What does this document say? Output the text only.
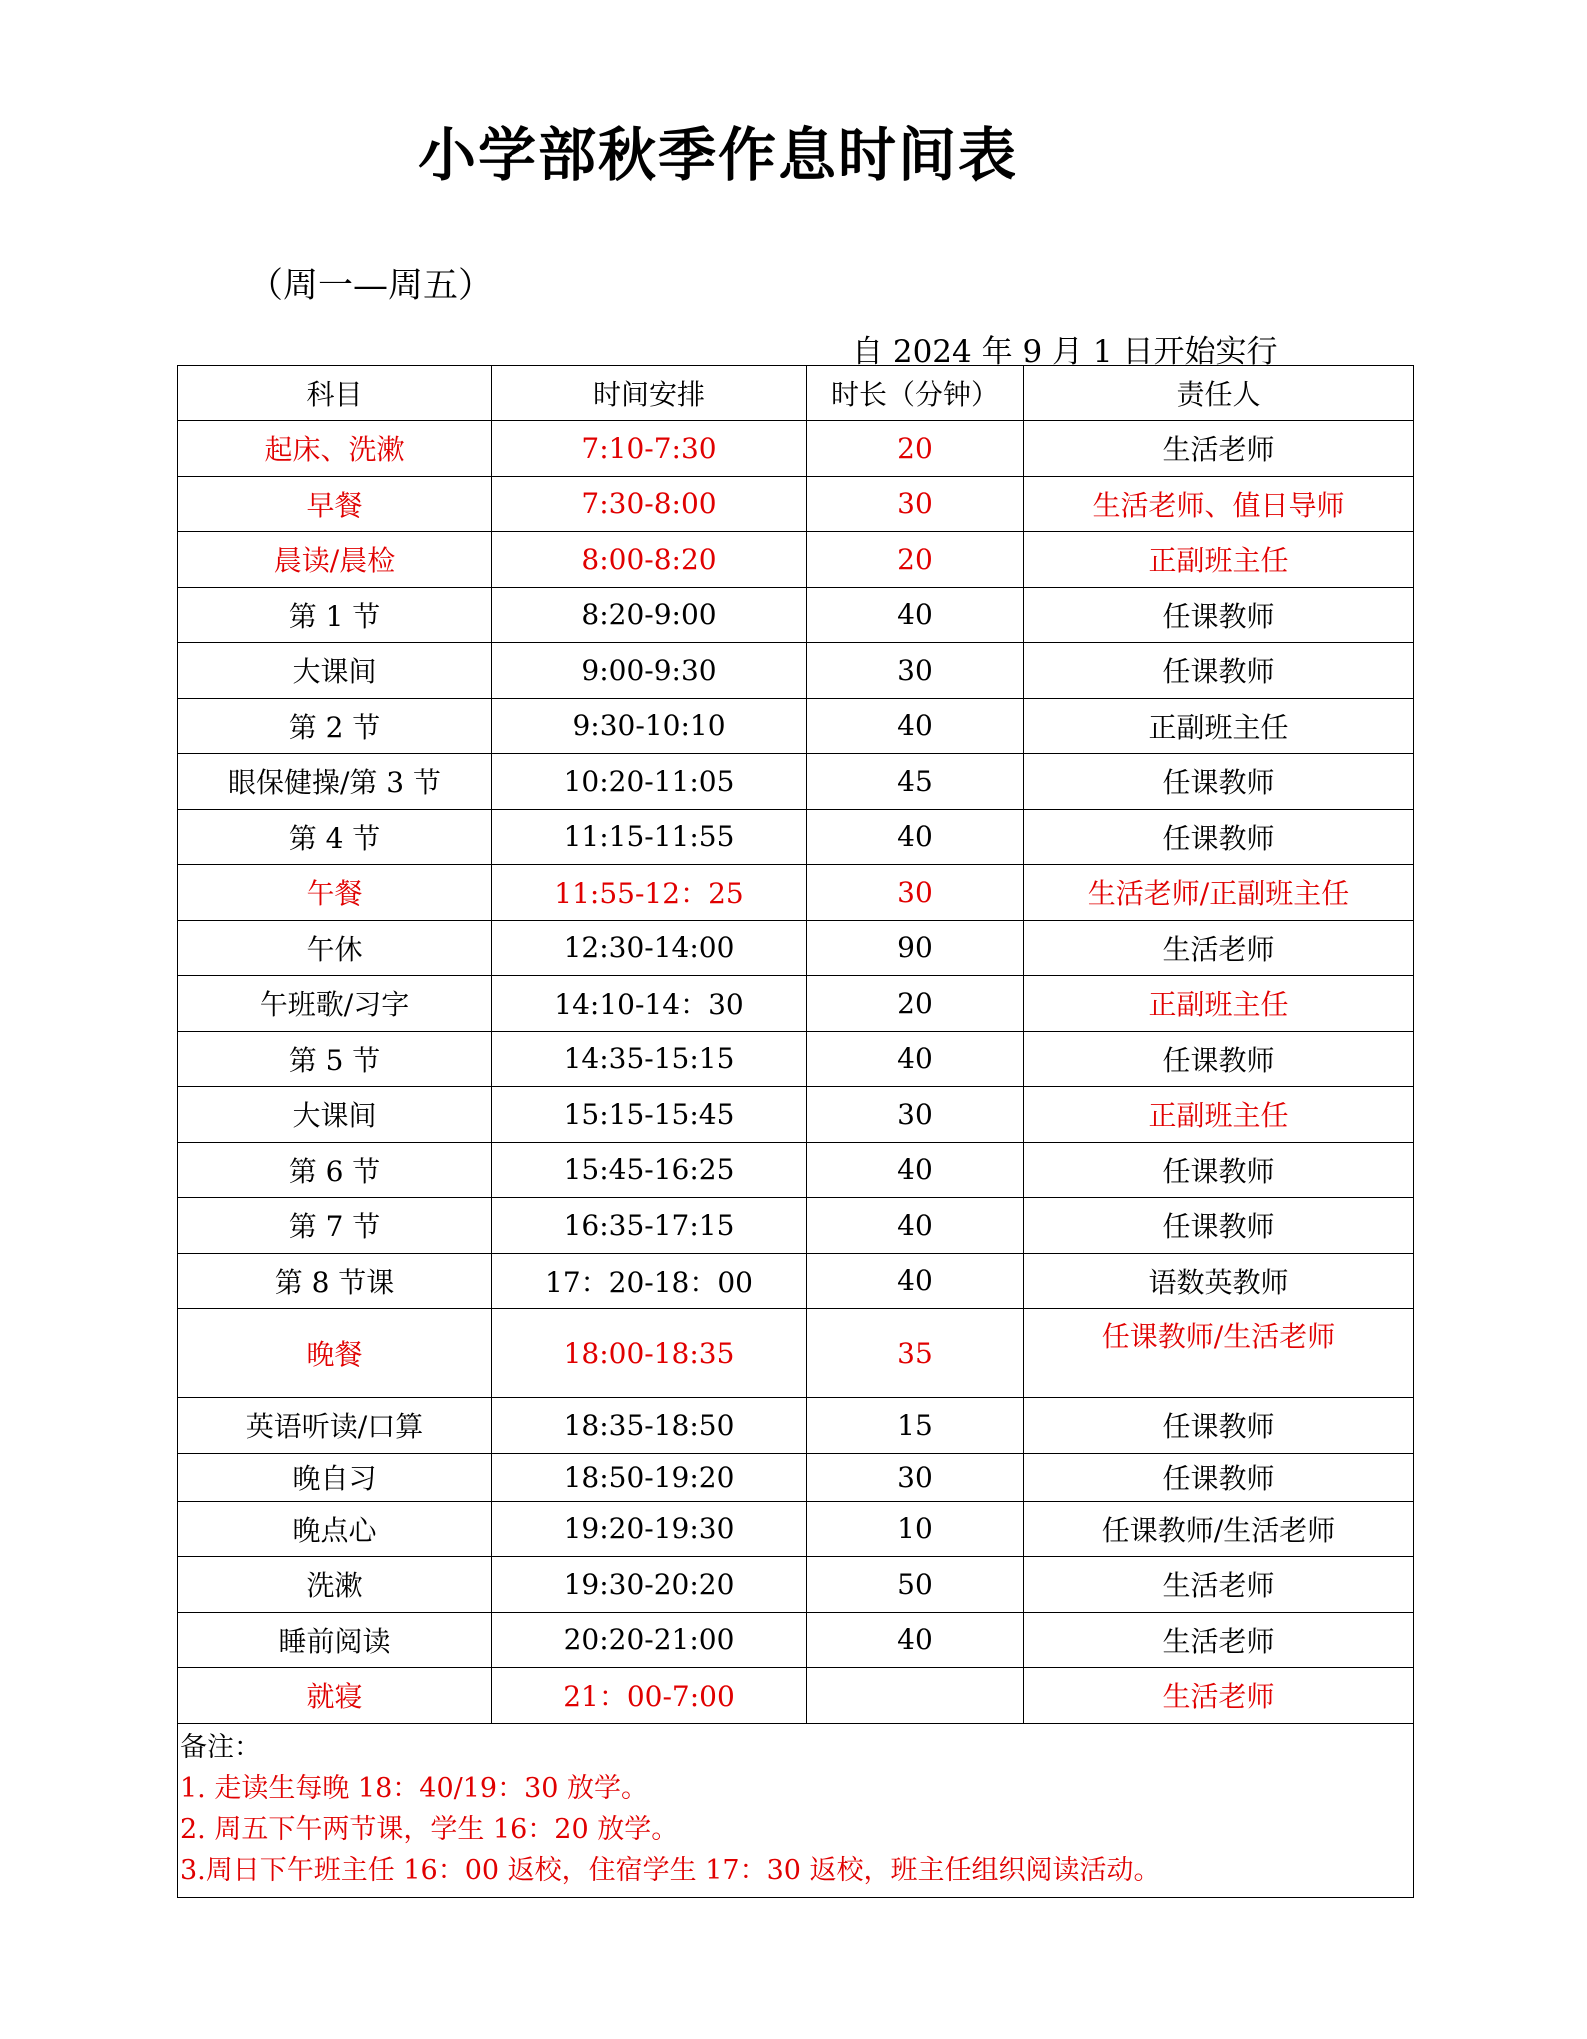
小学部秋季作息时间表
（周一—周五）
自 2024 年 9 月 1 日开始实行
科目	时间安排	时长（分钟）	责任人
起床、洗漱	7:10-7:30	20	生活老师
早餐	7:30-8:00	30	生活老师、值日导师
晨读/晨检	8:00-8:20	20	正副班主任
第 1 节	8:20-9:00	40	任课教师
大课间	9:00-9:30	30	任课教师
第 2 节	9:30-10:10	40	正副班主任
眼保健操/第 3 节	10:20-11:05	45	任课教师
第 4 节	11:15-11:55	40	任课教师
午餐	11:55-12：25	30	生活老师/正副班主任
午休	12:30-14:00	90	生活老师
午班歌/习字	14:10-14：30	20	正副班主任
第 5 节	14:35-15:15	40	任课教师
大课间	15:15-15:45	30	正副班主任
第 6 节	15:45-16:25	40	任课教师
第 7 节	16:35-17:15	40	任课教师
第 8 节课	17：20-18：00	40	语数英教师
晚餐	18:00-18:35	35	任课教师/生活老师
英语听读/口算	18:35-18:50	15	任课教师
晚自习	18:50-19:20	30	任课教师
晚点心	19:20-19:30	10	任课教师/生活老师
洗漱	19:30-20:20	50	生活老师
睡前阅读	20:20-21:00	40	生活老师
就寝	21：00-7:00		生活老师

备注：
1. 走读生每晚 18：40/19：30 放学。
2. 周五下午两节课，学生 16：20 放学。
3.周日下午班主任 16：00 返校，住宿学生 17：30 返校，班主任组织阅读活动。			
